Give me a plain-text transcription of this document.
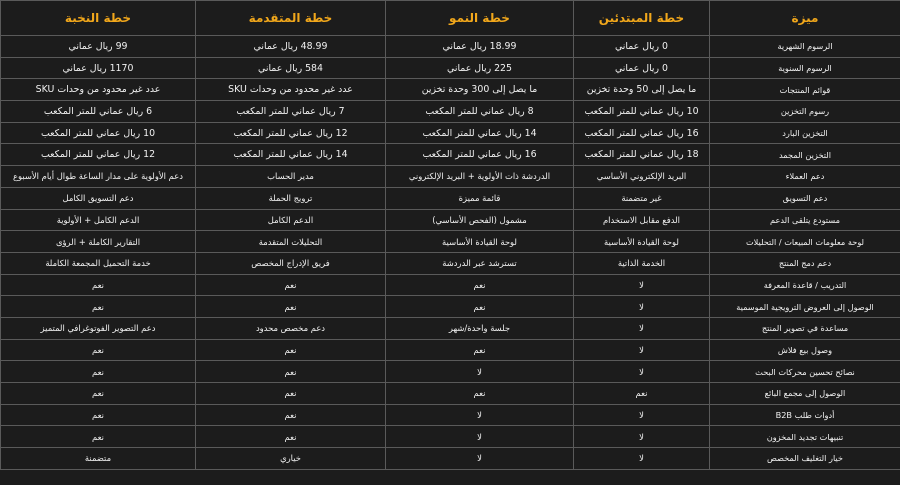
ميزة	خطة المبتدئين	خطة النمو	خطة المتقدمة	خطة النخبة
الرسوم الشهرية	0 ريال عماني	18.99 ريال عماني	48.99 ريال عماني	99 ريال عماني
الرسوم السنوية	0 ريال عماني	225 ريال عماني	584 ريال عماني	1170 ريال عماني
قوائم المنتجات	ما يصل إلى 50 وحدة تخزين	ما يصل إلى 300 وحدة تخزين	عدد غير محدود من وحدات SKU	عدد غير محدود من وحدات SKU
رسوم التخزين	10 ريال عماني للمتر المكعب	8 ريال عماني للمتر المكعب	7 ريال عماني للمتر المكعب	6 ريال عماني للمتر المكعب
التخزين البارد	16 ريال عماني للمتر المكعب	14 ريال عماني للمتر المكعب	12 ريال عماني للمتر المكعب	10 ريال عماني للمتر المكعب
التخزين المجمد	18 ريال عماني للمتر المكعب	16 ريال عماني للمتر المكعب	14 ريال عماني للمتر المكعب	12 ريال عماني للمتر المكعب
دعم العملاء	البريد الإلكتروني الأساسي	الدردشة ذات الأولوية + البريد الإلكتروني	مدير الحساب	دعم الأولوية على مدار الساعة طوال أيام الأسبوع
دعم التسويق	غير متضمنة	قائمة مميزة	ترويج الحملة	دعم التسويق الكامل
مستودع يتلقى الدعم	الدفع مقابل الاستخدام	مشمول (الفحص الأساسي)	الدعم الكامل	الدعم الكامل + الأولوية
لوحة معلومات المبيعات / التحليلات	لوحة القيادة الأساسية	لوحة القيادة الأساسية	التحليلات المتقدمة	التقارير الكاملة + الرؤى
دعم دمج المنتج	الخدمة الذاتية	تسترشد عبر الدردشة	فريق الإدراج المخصص	خدمة التحميل المجمعة الكاملة
التدريب / قاعدة المعرفة	لا	نعم	نعم	نعم
الوصول إلى العروض الترويجية الموسمية	لا	نعم	نعم	نعم
مساعدة في تصوير المنتج	لا	جلسة واحدة/شهر	دعم مخصص محدود	دعم التصوير الفوتوغرافي المتميز
وصول بيع فلاش	لا	نعم	نعم	نعم
نصائح تحسين محركات البحث	لا	لا	نعم	نعم
الوصول إلى مجمع البائع	نعم	نعم	نعم	نعم
أدوات طلب B2B	لا	لا	نعم	نعم
تنبيهات تجديد المخزون	لا	لا	نعم	نعم
خيار التغليف المخصص	لا	لا	خياري	متضمنة
